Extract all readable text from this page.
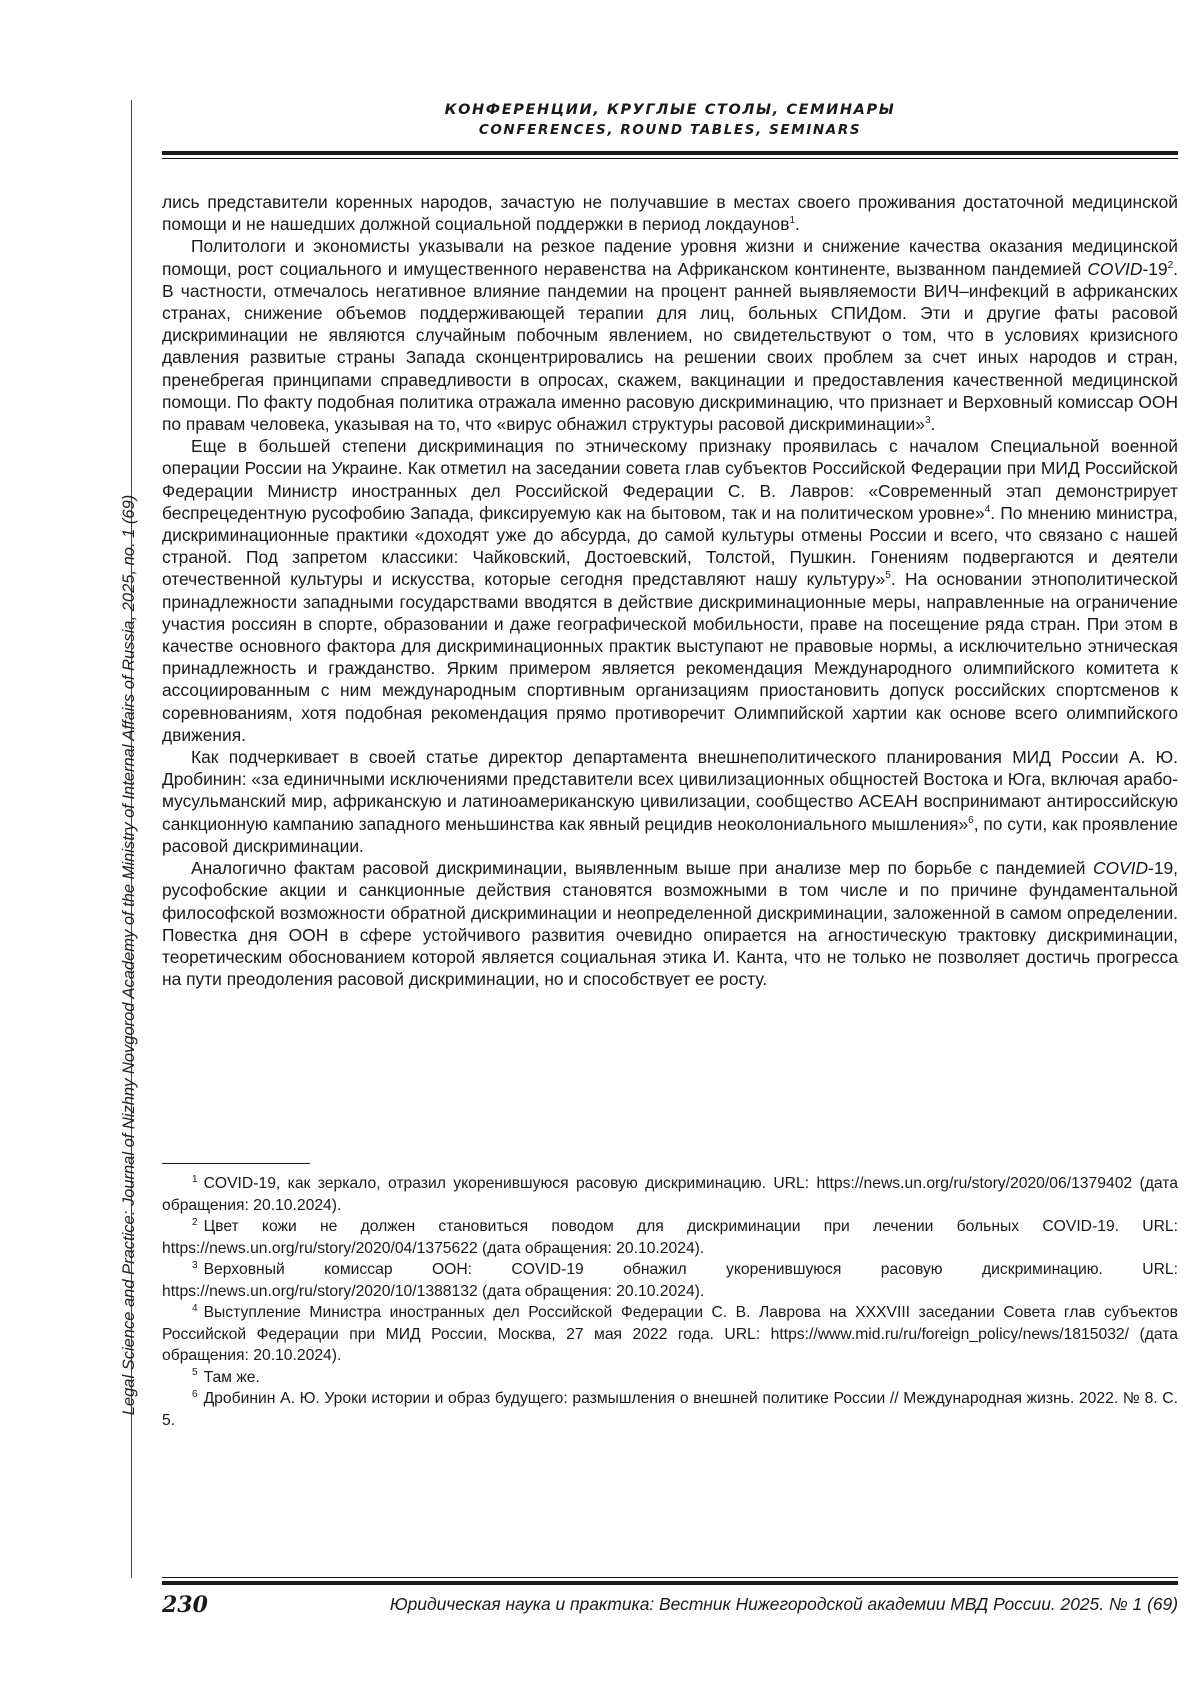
Legal Science and Practice: Journal of Nizhny Novgorod Academy of the Ministry of Internal Affairs of Russia, 2025, no. 1 (69)
КОНФЕРЕНЦИИ, КРУГЛЫЕ СТОЛЫ, СЕМИНАРЫ
CONFERENCES, ROUND TABLES, SEMINARS

лись представители коренных народов, зачастую не получавшие в местах своего проживания достаточной медицинской помощи и не нашедших должной социальной поддержки в период локдаунов$^1$.

Политологи и экономисты указывали на резкое падение уровня жизни и снижение качества оказания медицинской помощи, рост социального и имущественного неравенства на Африканском континенте, вызванном пандемией COVID-$19^2$. В частности, отмечалось негативное влияние пандемии на процент ранней выявляемости ВИЧ–инфекций в африканских странах, снижение объемов поддерживающей терапии для лиц, больных СПИДом. Эти и другие фаты расовой дискриминации не являются случайным побочным явлением, но свидетельствуют о том, что в условиях кризисного давления развитые страны Запада сконцентрировались на решении своих проблем за счет иных народов и стран, пренебрегая принципами справедливости в опросах, скажем, вакцинации и предоставления качественной медицинской помощи. По факту подобная политика отражала именно расовую дискриминацию, что признает и Верховный комиссар ООН по правам человека, указывая на то, что «вирус обнажил структуры расовой дискриминации»$^3$.

Еще в большей степени дискриминация по этническому признаку проявилась с началом Специальной военной операции России на Украине. Как отметил на заседании совета глав субъектов Российской Федерации при МИД Российской Федерации Министр иностранных дел Российской Федерации С. В. Лавров: «Современный этап демонстрирует беспрецедентную русофобию Запада, фиксируемую как на бытовом, так и на политическом уровне»$^4$. По мнению министра, дискриминационные практики «доходят уже до абсурда, до самой культуры отмены России и всего, что связано с нашей страной. Под запретом классики: Чайковский, Достоевский, Толстой, Пушкин. Гонениям подвергаются и деятели отечественной культуры и искусства, которые сегодня представляют нашу культуру»$^5$. На основании этнополитической принадлежности западными государствами вводятся в действие дискриминационные меры, направленные на ограничение участия россиян в спорте, образовании и даже географической мобильности, праве на посещение ряда стран. При этом в качестве основного фактора для дискриминационных практик выступают не правовые нормы, а исключительно этническая принадлежность и гражданство. Ярким примером является рекомендация Международного олимпийского комитета к ассоциированным с ним международным спортивным организациям приостановить допуск российских спортсменов к соревнованиям, хотя подобная рекомендация прямо противоречит Олимпийской хартии как основе всего олимпийского движения.

Как подчеркивает в своей статье директор департамента внешнеполитического планирования МИД России А. Ю. Дробинин: «за единичными исключениями представители всех цивилизационных общностей Востока и Юга, включая арабо-мусульманский мир, африканскую и латиноамериканскую цивилизации, сообщество АСЕАН воспринимают антироссийскую санкционную кампанию западного меньшинства как явный рецидив неоколониального мышления»$^6$, по сути, как проявление расовой дискриминации.

Аналогично фактам расовой дискриминации, выявленным выше при анализе мер по борьбе с пандемией COVID-19, русофобские акции и санкционные действия становятся возможными в том числе и по причине фундаментальной философской возможности обратной дискриминации и неопределенной дискриминации, заложенной в самом определении. Повестка дня ООН в сфере устойчивого развития очевидно опирается на агностическую трактовку дискриминации, теоретическим обоснованием которой является социальная этика И. Канта, что не только не позволяет достичь прогресса на пути преодоления расовой дискриминации, но и способствует ее росту.

$^1$ COVID-19, как зеркало, отразил укоренившуюся расовую дискриминацию. URL: https://news.un.org/ru/story/2020/06/1379402 (дата обращения: 20.10.2024).

$^2$ Цвет кожи не должен становиться поводом для дискриминации при лечении больных COVID-19. URL: https://news.un.org/ru/story/2020/04/1375622 (дата обращения: 20.10.2024).

$^3$ Верховный комиссар ООН: COVID-19 обнажил укоренившуюся расовую дискриминацию. URL: https://news.un.org/ru/story/2020/10/1388132 (дата обращения: 20.10.2024).

$^4$ Выступление Министра иностранных дел Российской Федерации С. В. Лаврова на XXXVIII заседании Совета глав субъектов Российской Федерации при МИД России, Москва, 27 мая 2022 года. URL: https://www.mid.ru/ru/foreign_policy/news/1815032/ (дата обращения: 20.10.2024).

$^5$ Там же.

$^6$ Дробинин А. Ю. Уроки истории и образ будущего: размышления о внешней политике России // Международная жизнь. 2022. № 8. С. 5.

230	Юридическая наука и практика: Вестник Нижегородской академии МВД России. 2025. № 1 (69)
